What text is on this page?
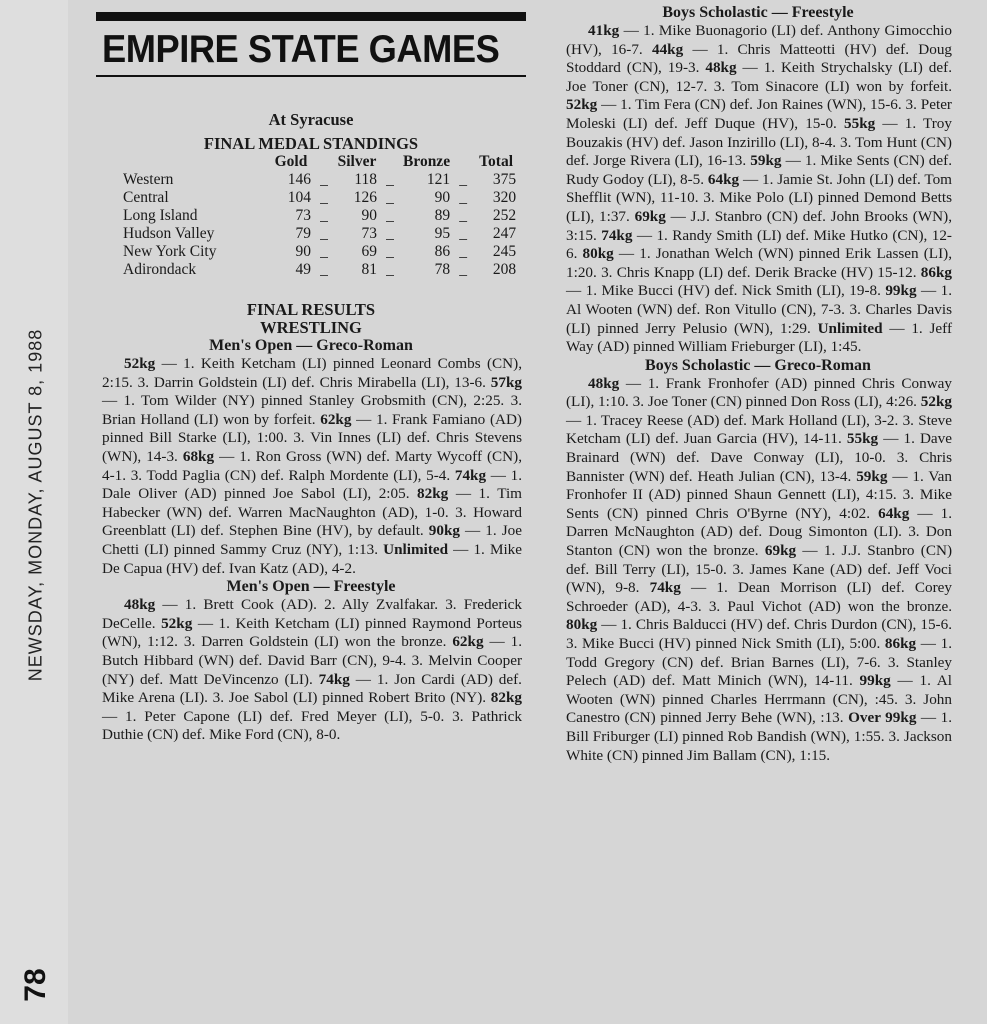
NEWSDAY, MONDAY, AUGUST 8, 1988
78
EMPIRE STATE GAMES
At Syracuse
FINAL MEDAL STANDINGS
	Gold		Silver		Bronze		Total
Western	146	_	118	_	121	_	375
Central	104	_	126	_	90	_	320
Long Island	73	_	90	_	89	_	252
Hudson Valley	79	_	73	_	95	_	247
New York City	90	_	69	_	86	_	245
Adirondack	49	_	81	_	78	_	208
FINAL RESULTS
WRESTLING
Men's Open — Greco-Roman

52kg — 1. Keith Ketcham (LI) pinned Leonard Combs (CN), 2:15. 3. Darrin Goldstein (LI) def. Chris Mirabella (LI), 13-6. 57kg — 1. Tom Wilder (NY) pinned Stanley Grobsmith (CN), 2:25. 3. Brian Holland (LI) won by forfeit. 62kg — 1. Frank Famiano (AD) pinned Bill Starke (LI), 1:00. 3. Vin Innes (LI) def. Chris Stevens (WN), 14-3. 68kg — 1. Ron Gross (WN) def. Marty Wycoff (CN), 4-1. 3. Todd Paglia (CN) def. Ralph Mordente (LI), 5-4. 74kg — 1. Dale Oliver (AD) pinned Joe Sabol (LI), 2:05. 82kg — 1. Tim Habecker (WN) def. Warren MacNaughton (AD), 1-0. 3. Howard Greenblatt (LI) def. Stephen Bine (HV), by default. 90kg — 1. Joe Chetti (LI) pinned Sammy Cruz (NY), 1:13. Unlimited — 1. Mike De Capua (HV) def. Ivan Katz (AD), 4-2.

Men's Open — Freestyle

48kg — 1. Brett Cook (AD). 2. Ally Zvalfakar. 3. Frederick DeCelle. 52kg — 1. Keith Ketcham (LI) pinned Raymond Porteus (WN), 1:12. 3. Darren Goldstein (LI) won the bronze. 62kg — 1. Butch Hibbard (WN) def. David Barr (CN), 9-4. 3. Melvin Cooper (NY) def. Matt DeVincenzo (LI). 74kg — 1. Jon Cardi (AD) def. Mike Arena (LI). 3. Joe Sabol (LI) pinned Robert Brito (NY). 82kg — 1. Peter Capone (LI) def. Fred Meyer (LI), 5-0. 3. Pathrick Duthie (CN) def. Mike Ford (CN), 8-0.

Boys Scholastic — Freestyle

41kg — 1. Mike Buonagorio (LI) def. Anthony Gimocchio (HV), 16-7. 44kg — 1. Chris Matteotti (HV) def. Doug Stoddard (CN), 19-3. 48kg — 1. Keith Strychalsky (LI) def. Joe Toner (CN), 12-7. 3. Tom Sinacore (LI) won by forfeit. 52kg — 1. Tim Fera (CN) def. Jon Raines (WN), 15-6. 3. Peter Moleski (LI) def. Jeff Duque (HV), 15-0. 55kg — 1. Troy Bouzakis (HV) def. Jason Inzirillo (LI), 8-4. 3. Tom Hunt (CN) def. Jorge Rivera (LI), 16-13. 59kg — 1. Mike Sents (CN) def. Rudy Godoy (LI), 8-5. 64kg — 1. Jamie St. John (LI) def. Tom Shefflit (WN), 11-10. 3. Mike Polo (LI) pinned Demond Betts (LI), 1:37. 69kg — J.J. Stanbro (CN) def. John Brooks (WN), 3:15. 74kg — 1. Randy Smith (LI) def. Mike Hutko (CN), 12-6. 80kg — 1. Jonathan Welch (WN) pinned Erik Lassen (LI), 1:20. 3. Chris Knapp (LI) def. Derik Bracke (HV) 15-12. 86kg — 1. Mike Bucci (HV) def. Nick Smith (LI), 19-8. 99kg — 1. Al Wooten (WN) def. Ron Vitullo (CN), 7-3. 3. Charles Davis (LI) pinned Jerry Pelusio (WN), 1:29. Unlimited — 1. Jeff Way (AD) pinned William Frieburger (LI), 1:45.

Boys Scholastic — Greco-Roman

48kg — 1. Frank Fronhofer (AD) pinned Chris Conway (LI), 1:10. 3. Joe Toner (CN) pinned Don Ross (LI), 4:26. 52kg — 1. Tracey Reese (AD) def. Mark Holland (LI), 3-2. 3. Steve Ketcham (LI) def. Juan Garcia (HV), 14-11. 55kg — 1. Dave Brainard (WN) def. Dave Conway (LI), 10-0. 3. Chris Bannister (WN) def. Heath Julian (CN), 13-4. 59kg — 1. Van Fronhofer II (AD) pinned Shaun Gennett (LI), 4:15. 3. Mike Sents (CN) pinned Chris O'Byrne (NY), 4:02. 64kg — 1. Darren McNaughton (AD) def. Doug Simonton (LI). 3. Don Stanton (CN) won the bronze. 69kg — 1. J.J. Stanbro (CN) def. Bill Terry (LI), 15-0. 3. James Kane (AD) def. Jeff Voci (WN), 9-8. 74kg — 1. Dean Morrison (LI) def. Corey Schroeder (AD), 4-3. 3. Paul Vichot (AD) won the bronze. 80kg — 1. Chris Balducci (HV) def. Chris Durdon (CN), 15-6. 3. Mike Bucci (HV) pinned Nick Smith (LI), 5:00. 86kg — 1. Todd Gregory (CN) def. Brian Barnes (LI), 7-6. 3. Stanley Pelech (AD) def. Matt Minich (WN), 14-11. 99kg — 1. Al Wooten (WN) pinned Charles Herrmann (CN), :45. 3. John Canestro (CN) pinned Jerry Behe (WN), :13. Over 99kg — 1. Bill Friburger (LI) pinned Rob Bandish (WN), 1:55. 3. Jackson White (CN) pinned Jim Ballam (CN), 1:15.
